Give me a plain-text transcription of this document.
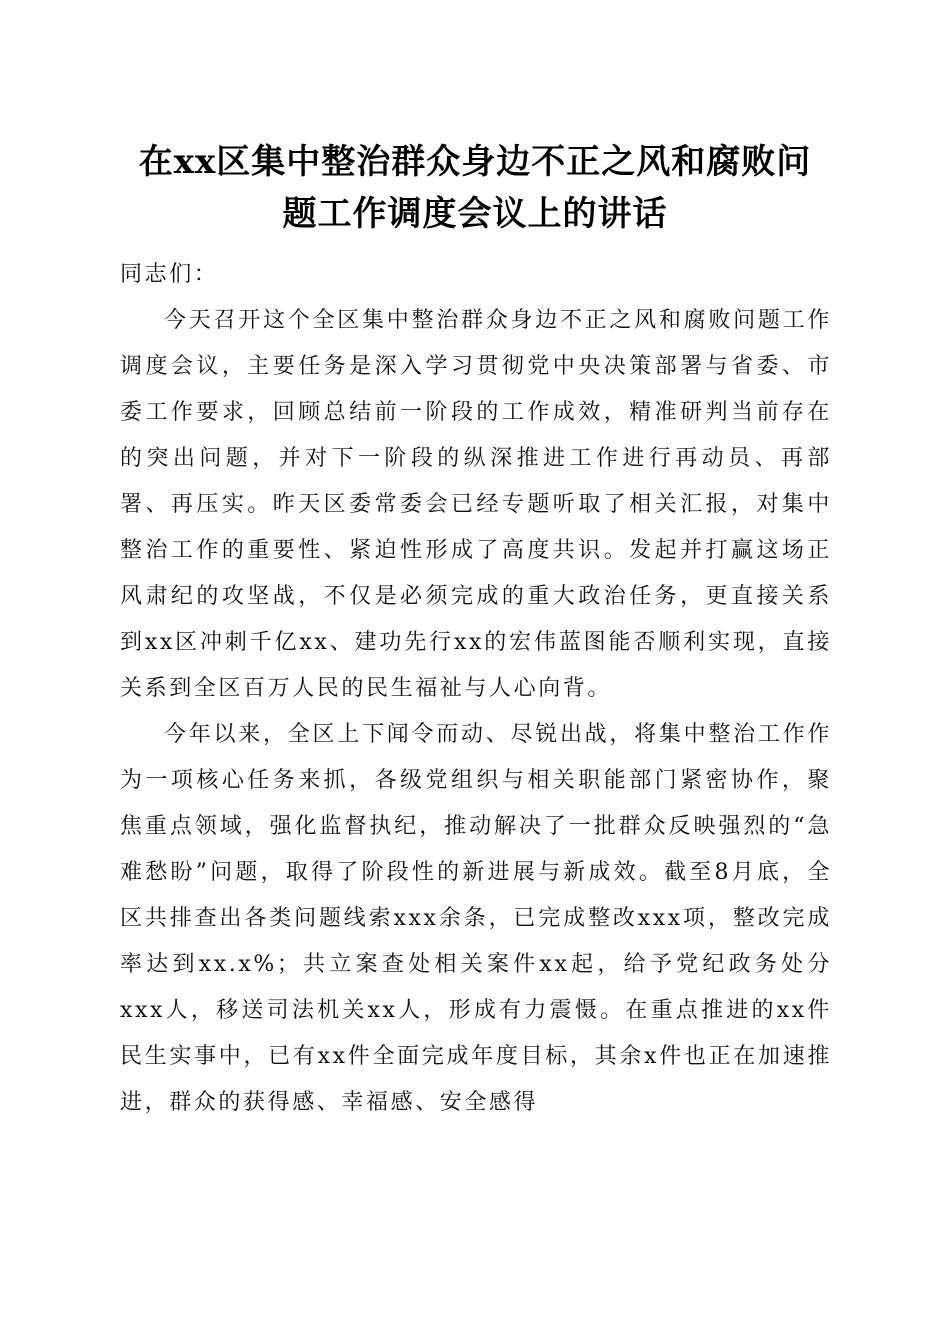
在xx区集中整治群众身边不正之风和腐败问
题工作调度会议上的讲话

同志们：

今天召开这个全区集中整治群众身边不正之风和腐败问题工作调度会议，主要任务是深入学习贯彻党中央决策部署与省委、市委工作要求，回顾总结前一阶段的工作成效，精准研判当前存在的突出问题，并对下一阶段的纵深推进工作进行再动员、再部署、再压实。昨天区委常委会已经专题听取了相关汇报，对集中整治工作的重要性、紧迫性形成了高度共识。发起并打赢这场正风肃纪的攻坚战，不仅是必须完成的重大政治任务，更直接关系到xx区冲刺千亿xx、建功先行xx的宏伟蓝图能否顺利实现，直接关系到全区百万人民的民生福祉与人心向背。

今年以来，全区上下闻令而动、尽锐出战，将集中整治工作作为一项核心任务来抓，各级党组织与相关职能部门紧密协作，聚焦重点领域，强化监督执纪，推动解决了一批群众反映强烈的“急难愁盼”问题，取得了阶段性的新进展与新成效。截至8月底，全区共排查出各类问题线索xxx余条，已完成整改xxx项，整改完成率达到xx.x%；共立案查处相关案件xx起，给予党纪政务处分xxx人，移送司法机关xx人，形成有力震慑。在重点推进的xx件民生实事中，已有xx件全面完成年度目标，其余x件也正在加速推进，群众的获得感、幸福感、安全感得
